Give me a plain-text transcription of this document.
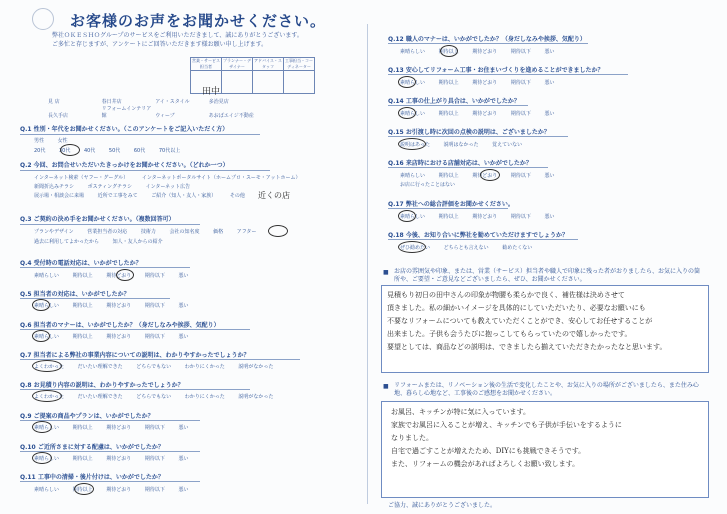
お客様のお声をお聞かせください。
弊社ＯＫＥＳＨＯグループのサービスをご利用いただきまして、誠にありがとうございます。
ご多忙と存じますが、アンケートにご回答いただきます様お願い申し上げます。
営業・サービス担当者	プランナー・デザイナー	アドバイス・スタッフ	工事担当・コーディネーター

田中
見 店	春日井店	アイ・スタイル	多治見店 長久手店 リフォームインテリア館	ウィーブ	あおばエイジ不動産
Q.1 性別・年代をお聞かせください。（このアンケートをご記入いただく方）
男性	女性
20代	30代	40代	50代	60代	70代以上
Q.2 今回、お問合せいただいたきっかけをお聞かせください。（どれか一つ）
インターネット検索（ヤフー・グーグル）	インターネットポータルサイト（ホームプロ・スーモ・アットホーム）
新聞折込みチラシ	ポスティングチラシ	インターネット広告
展示場・相談会に来場	近所で工事をみて	ご紹介（知人・友人・家族）	その他	近くの店
Q.3 ご契約の決め手をお聞かせください。（複数回答可）
プランやデザイン	営業担当者の対応	技術力	会社の知名度	価格	アフター
過去に利用してよかったから	知人・友人からの紹介
Q.4 受付時の電話対応は、いかがでしたか？
素晴らしい	期待以上	期待どおり	期待以下	悪い
Q.5 担当者の対応は、いかがでしたか？
素晴らしい	期待以上	期待どおり	期待以下	悪い
Q.6 担当者のマナーは、いかがでしたか？（身だしなみや挨拶、気配り）
素晴らしい	期待以上	期待どおり	期待以下	悪い
Q.7 担当者による弊社の事業内容についての説明は、わかりやすかったでしょうか？
よくわかった	だいたい理解できた	どちらでもない	わかりにくかった	説明がなかった
Q.8 お見積り内容の説明は、わかりやすかったでしょうか？
よくわかった	だいたい理解できた	どちらでもない	わかりにくかった	説明がなかった
Q.9 ご提案の商品やプランは、いかがでしたか？
素晴らしい	期待以上	期待どおり	期待以下	悪い
Q.10 ご近所さまに対する配慮は、いかがでしたか？
素晴らしい	期待以上	期待どおり	期待以下	悪い
Q.11 工事中の清掃・後片付けは、いかがでしたか？
素晴らしい	期待以上	期待どおり	期待以下	悪い
Q.12 職人のマナーは、いかがでしたか？（身だしなみや挨拶、気配り）
素晴らしい	期待以上	期待どおり	期待以下	悪い
Q.13 安心してリフォーム工事・お住まいづくりを進めることができましたか？
素晴らしい	期待以上	期待どおり	期待以下	悪い
Q.14 工事の仕上がり具合は、いかがでしたか？
素晴らしい	期待以上	期待どおり	期待以下	悪い
Q.15 お引渡し時に次回の点検の説明は、ございましたか？
説明はあった	説明はなかった	覚えていない
Q.16 来店時における店舗対応は、いかがでしたか？
素晴らしい	期待以上	期待どおり	期待以下	悪い
お店に行ったことはない
Q.17 弊社への総合評価をお聞かせください。
素晴らしい	期待以上	期待どおり	期待以下	悪い
Q.18 今後、お知り合いに弊社を勧めていただけますでしょうか？
ぜひ勧めたい	どちらとも言えない	勧めたくない
■ お店の雰囲気や印象、または、営業（サービス）担当者や職人で印象に残った者がおりましたら、お気に入りの箇所や、ご要望・ご意見などございましたら、ぜひ、お聞かせください。
見積もり初日の田中さんの印象が物腰も柔らかで良く、補佐様は決めさせて
頂きました。私の細かいイメージを具体的にしていただいたり、必要なお願いにも
不要なリフォームについても教えていただくことができ、安心してお任せすることが
出来ました。子供も会うたびに抱っこしてもらっていたので嬉しかったです。
要望としては、商品などの説明は、できましたら揃えていただきたかったなと思います。
■ リフォームまたは、リノベーション後の生活で変化したことや、お気に入りの場所がございましたら、また住み心地、暮らし心地など、工事後のご感想をお聞かせください。
お風呂、キッチンが特に気に入っています。
家族でお風呂に入ることが増え、キッチンでも子供が手伝いをするように
なりました。
自宅で過ごすことが増えたため、DIYにも挑戦できそうです。
また、リフォームの機会があればよろしくお願い致します。
ご協力、誠にありがとうございました。
